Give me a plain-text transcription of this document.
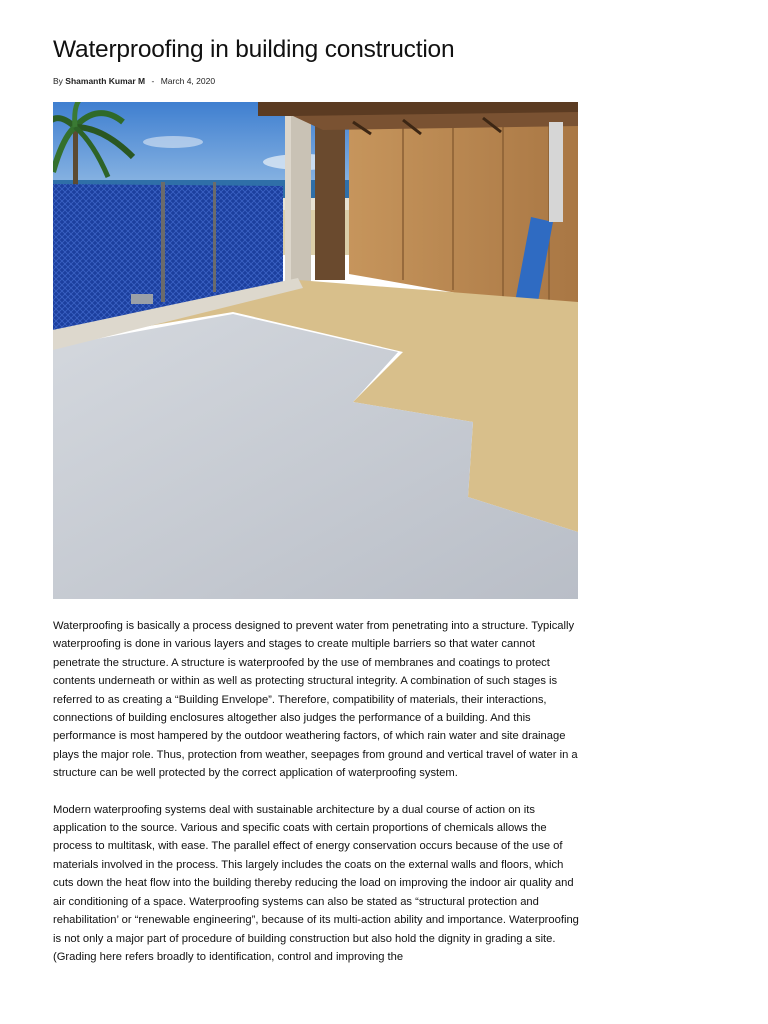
Waterproofing in building construction
By Shamanth Kumar M - March 4, 2020

Waterproofing is basically a process designed to prevent water from penetrating into a structure. Typically waterproofing is done in various layers and stages to create multiple barriers so that water cannot penetrate the structure. A structure is waterproofed by the use of membranes and coatings to protect contents underneath or within as well as protecting structural integrity. A combination of such stages is referred to as creating a “Building Envelope”. Therefore, compatibility of materials, their interactions, connections of building enclosures altogether also judges the performance of a building. And this performance is most hampered by the outdoor weathering factors, of which rain water and site drainage plays the major role. Thus, protection from weather, seepages from ground and vertical travel of water in a structure can be well protected by the correct application of waterproofing system.

Modern waterproofing systems deal with sustainable architecture by a dual course of action on its application to the source. Various and specific coats with certain proportions of chemicals allows the process to multitask, with ease. The parallel effect of energy conservation occurs because of the use of materials involved in the process. This largely includes the coats on the external walls and floors, which cuts down the heat flow into the building thereby reducing the load on improving the indoor air quality and air conditioning of a space. Waterproofing systems can also be stated as “structural protection and rehabilitation’ or “renewable engineering”, because of its multi-action ability and importance. Waterproofing is not only a major part of procedure of building construction but also hold the dignity in grading a site. (Grading here refers broadly to identification, control and improving the
